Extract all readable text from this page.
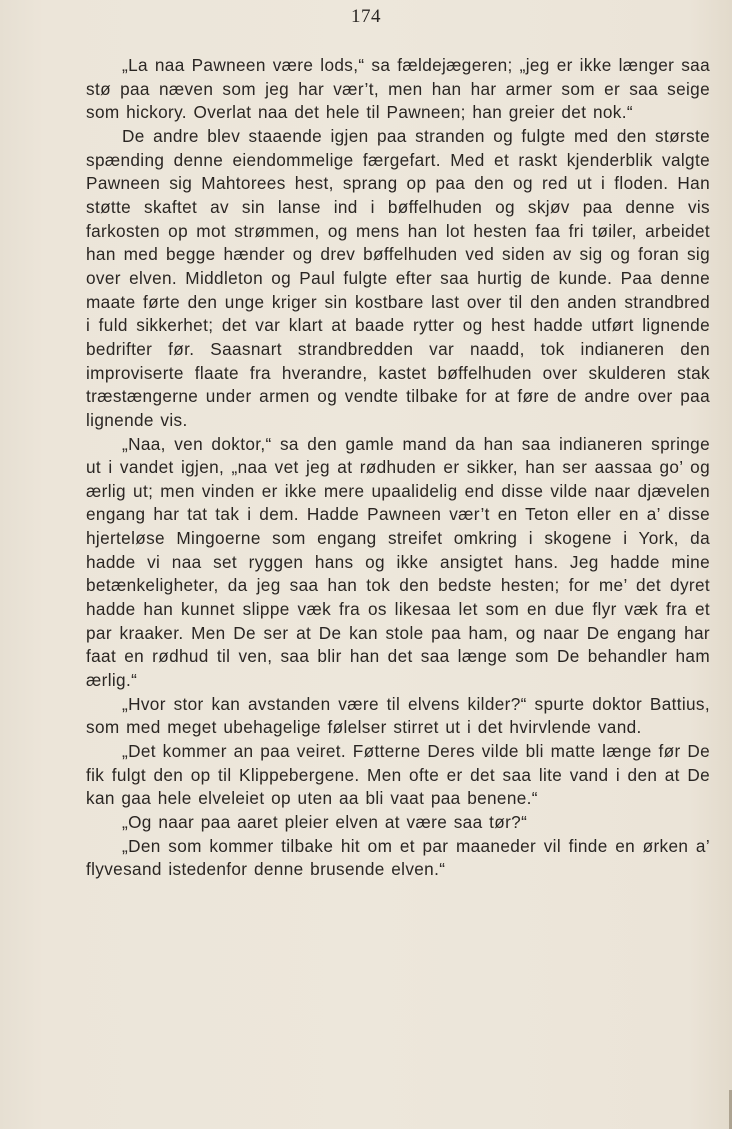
174

„La naa Pawneen være lods,“ sa fældejægeren; „jeg er ikke længer saa stø paa næven som jeg har vær’t, men han har armer som er saa seige som hickory. Overlat naa det hele til Pawneen; han greier det nok.“

De andre blev staaende igjen paa stranden og fulgte med den største spænding denne eiendommelige færgefart. Med et raskt kjenderblik valgte Pawneen sig Mahtorees hest, sprang op paa den og red ut i floden. Han støtte skaftet av sin lanse ind i bøffelhuden og skjøv paa denne vis farkosten op mot strømmen, og mens han lot hesten faa fri tøiler, arbeidet han med begge hænder og drev bøffelhuden ved siden av sig og foran sig over elven. Middleton og Paul fulgte efter saa hurtig de kunde. Paa denne maate førte den unge kriger sin kostbare last over til den anden strandbred i fuld sikkerhet; det var klart at baade rytter og hest hadde utført lignende bedrifter før. Saasnart strandbredden var naadd, tok indianeren den improviserte flaate fra hverandre, kastet bøffelhuden over skulderen stak træstængerne under armen og vendte tilbake for at føre de andre over paa lignende vis.

„Naa, ven doktor,“ sa den gamle mand da han saa indianeren springe ut i vandet igjen, „naa vet jeg at rødhuden er sikker, han ser aassaa go’ og ærlig ut; men vinden er ikke mere upaalidelig end disse vilde naar djævelen engang har tat tak i dem. Hadde Pawneen vær’t en Teton eller en a’ disse hjerteløse Mingoerne som engang streifet omkring i skogene i York, da hadde vi naa set ryggen hans og ikke ansigtet hans. Jeg hadde mine betænkeligheter, da jeg saa han tok den bedste hesten; for me’ det dyret hadde han kunnet slippe væk fra os likesaa let som en due flyr væk fra et par kraaker. Men De ser at De kan stole paa ham, og naar De engang har faat en rødhud til ven, saa blir han det saa længe som De behandler ham ærlig.“

„Hvor stor kan avstanden være til elvens kilder?“ spurte doktor Battius, som med meget ubehagelige følelser stirret ut i det hvirvlende vand.

„Det kommer an paa veiret. Føtterne Deres vilde bli matte længe før De fik fulgt den op til Klippebergene. Men ofte er det saa lite vand i den at De kan gaa hele elveleiet op uten aa bli vaat paa benene.“

„Og naar paa aaret pleier elven at være saa tør?“

„Den som kommer tilbake hit om et par maaneder vil finde en ørken a’ flyvesand istedenfor denne brusende elven.“
